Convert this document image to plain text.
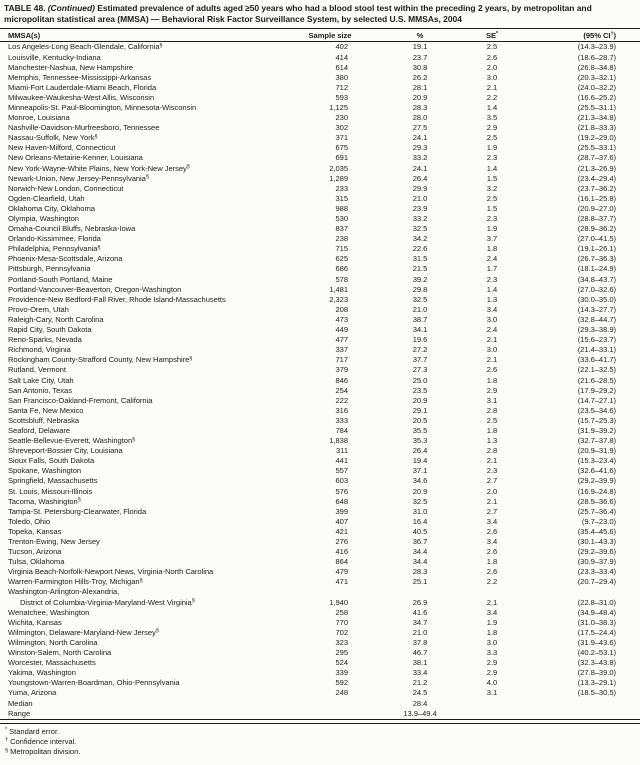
TABLE 48. (Continued) Estimated prevalence of adults aged ≥50 years who had a blood stool test within the preceding 2 years, by metropolitan and micropolitan statistical area (MMSA) — Behavioral Risk Factor Surveillance System, by selected U.S. MMSAs, 2004
MMSA(s)	Sample size	%	SE*	(95% CI†)
Los Angeles-Long Beach-Glendale, California§	402	19.1	2.5	(14.3–23.9)
Louisville, Kentucky-Indiana	414	23.7	2.6	(18.6–28.7)
Manchester-Nashua, New Hampshire	614	30.8	2.0	(26.8–34.8)
Memphis, Tennessee-Mississippi-Arkansas	380	26.2	3.0	(20.3–32.1)
Miami-Fort Lauderdale-Miami Beach, Florida	712	28.1	2.1	(24.0–32.2)
Milwaukee-Waukesha-West Allis, Wisconsin	593	20.9	2.2	(16.6–25.2)
Minneapolis-St. Paul-Bloomington, Minnesota-Wisconsin	1,125	28.3	1.4	(25.5–31.1)
Monroe, Louisiana	230	28.0	3.5	(21.3–34.8)
Nashville-Davidson-Murfreesboro, Tennessee	302	27.5	2.9	(21.8–33.3)
Nassau-Suffolk, New York§	371	24.1	2.5	(19.2–29.0)
New Haven-Milford, Connecticut	675	29.3	1.9	(25.5–33.1)
New Orleans-Metairie-Kenner, Louisiana	691	33.2	2.3	(28.7–37.6)
New York-Wayne-White Plains, New York-New Jersey§	2,035	24.1	1.4	(21.3–26.9)
Newark-Union, New Jersey-Pennsylvania§	1,289	26.4	1.5	(23.4–29.4)
Norwich-New London, Connecticut	233	29.9	3.2	(23.7–36.2)
Ogden-Clearfield, Utah	315	21.0	2.5	(16.1–25.8)
Oklahoma City, Oklahoma	988	23.9	1.5	(20.9–27.0)
Olympia, Washington	530	33.2	2.3	(28.8–37.7)
Omaha-Council Bluffs, Nebraska-Iowa	837	32.5	1.9	(28.9–36.2)
Orlando-Kissimmee, Florida	238	34.2	3.7	(27.0–41.5)
Philadelphia, Pennsylvania§	715	22.6	1.8	(19.1–26.1)
Phoenix-Mesa-Scottsdale, Arizona	625	31.5	2.4	(26.7–36.3)
Pittsburgh, Pennsylvania	686	21.5	1.7	(18.1–24.9)
Portland-South Portland, Maine	578	39.2	2.3	(34.8–43.7)
Portland-Vancouver-Beaverton, Oregon-Washington	1,481	29.8	1.4	(27.0–32.6)
Providence-New Bedford-Fall River, Rhode Island-Massachusetts	2,323	32.5	1.3	(30.0–35.0)
Provo-Orem, Utah	208	21.0	3.4	(14.3–27.7)
Raleigh-Cary, North Carolina	473	38.7	3.0	(32.8–44.7)
Rapid City, South Dakota	449	34.1	2.4	(29.3–38.9)
Reno-Sparks, Nevada	477	19.6	2.1	(15.6–23.7)
Richmond, Virginia	337	27.2	3.0	(21.4–33.1)
Rockingham County-Strafford County, New Hampshire§	717	37.7	2.1	(33.6–41.7)
Rutland, Vermont	379	27.3	2.6	(22.1–32.5)
Salt Lake City, Utah	846	25.0	1.8	(21.6–28.5)
San Antonio, Texas	254	23.5	2.9	(17.9–29.2)
San Francisco-Oakland-Fremont, California	222	20.9	3.1	(14.7–27.1)
Santa Fe, New Mexico	316	29.1	2.8	(23.5–34.6)
Scottsbluff, Nebraska	333	20.5	2.5	(15.7–25.3)
Seaford, Delaware	784	35.5	1.8	(31.9–39.2)
Seattle-Bellevue-Everett, Washington§	1,838	35.3	1.3	(32.7–37.8)
Shreveport-Bossier City, Louisiana	311	26.4	2.8	(20.9–31.9)
Sioux Falls, South Dakota	441	19.4	2.1	(15.3–23.4)
Spokane, Washington	557	37.1	2.3	(32.6–41.6)
Springfield, Massachusetts	603	34.6	2.7	(29.2–39.9)
St. Louis, Missouri-Illinois	576	20.9	2.0	(16.9–24.8)
Tacoma, Washington§	648	32.5	2.1	(28.5–36.6)
Tampa-St. Petersburg-Clearwater, Florida	399	31.0	2.7	(25.7–36.4)
Toledo, Ohio	407	16.4	3.4	(9.7–23.0)
Topeka, Kansas	421	40.5	2.6	(35.4–45.6)
Trenton-Ewing, New Jersey	276	36.7	3.4	(30.1–43.3)
Tucson, Arizona	416	34.4	2.6	(29.2–39.6)
Tulsa, Oklahoma	864	34.4	1.8	(30.9–37.9)
Virginia Beach-Norfolk-Newport News, Virginia-North Carolina	479	28.3	2.6	(23.3–33.4)
Warren-Farmington Hills-Troy, Michigan§	471	25.1	2.2	(20.7–29.4)
Washington-Arlington-Alexandria,				
District of Columbia-Virginia-Maryland-West Virginia§	1,940	26.9	2.1	(22.8–31.0)
Wenatchee, Washington	258	41.6	3.4	(34.9–48.4)
Wichita, Kansas	770	34.7	1.9	(31.0–38.3)
Wilmington, Delaware-Maryland-New Jersey§	702	21.0	1.8	(17.5–24.4)
Wilmington, North Carolina	323	37.8	3.0	(31.9–43.6)
Winston-Salem, North Carolina	295	46.7	3.3	(40.2–53.1)
Worcester, Massachusetts	524	38.1	2.9	(32.3–43.8)
Yakima, Washington	339	33.4	2.9	(27.8–39.0)
Youngstown-Warren-Boardman, Ohio-Pennsylvania	592	21.2	4.0	(13.3–29.1)
Yuma, Arizona	248	24.5	3.1	(18.5–30.5)
Median		28.4		
Range		13.9–49.4		
* Standard error.
† Confidence interval.
§ Metropolitan division.
